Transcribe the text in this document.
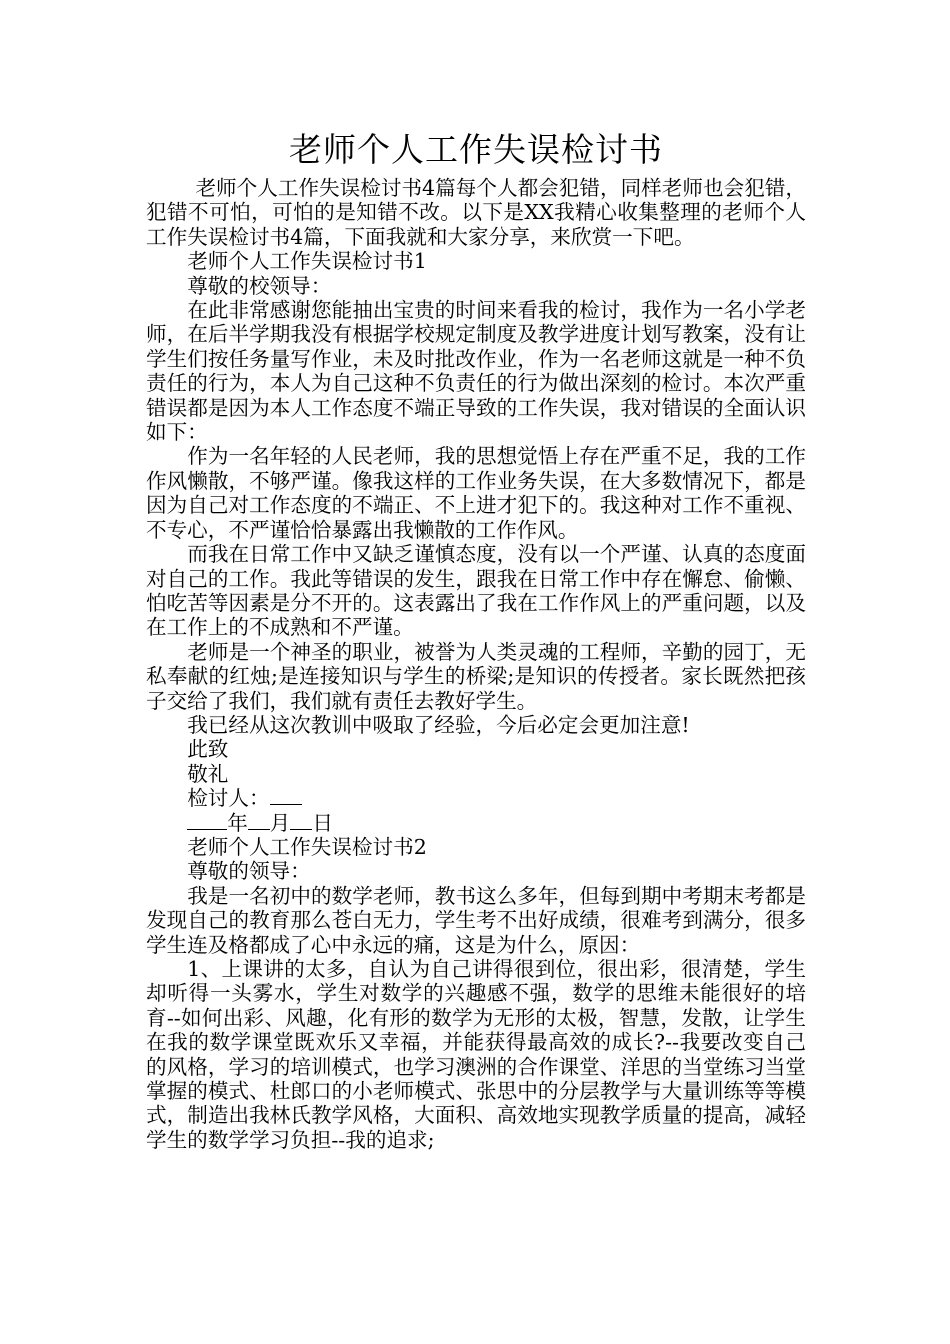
老师个人工作失误检讨书

老师个人工作失误检讨书4篇每个人都会犯错，同样老师也会犯错，犯错不可怕，可怕的是知错不改。以下是XX我精心收集整理的老师个人工作失误检讨书4篇，下面我就和大家分享，来欣赏一下吧。

老师个人工作失误检讨书1

尊敬的校领导：

在此非常感谢您能抽出宝贵的时间来看我的检讨，我作为一名小学老师，在后半学期我没有根据学校规定制度及教学进度计划写教案，没有让学生们按任务量写作业，未及时批改作业，作为一名老师这就是一种不负责任的行为，本人为自己这种不负责任的行为做出深刻的检讨。本次严重错误都是因为本人工作态度不端正导致的工作失误，我对错误的全面认识如下：

作为一名年轻的人民老师，我的思想觉悟上存在严重不足，我的工作作风懒散，不够严谨。像我这样的工作业务失误，在大多数情况下，都是因为自己对工作态度的不端正、不上进才犯下的。我这种对工作不重视、不专心，不严谨恰恰暴露出我懒散的工作作风。

而我在日常工作中又缺乏谨慎态度，没有以一个严谨、认真的态度面对自己的工作。我此等错误的发生，跟我在日常工作中存在懈怠、偷懒、怕吃苦等因素是分不开的。这表露出了我在工作作风上的严重问题，以及在工作上的不成熟和不严谨。

老师是一个神圣的职业，被誉为人类灵魂的工程师，辛勤的园丁，无私奉献的红烛;是连接知识与学生的桥梁;是知识的传授者。家长既然把孩子交给了我们，我们就有责任去教好学生。

我已经从这次教训中吸取了经验，今后必定会更加注意!

此致

敬礼

检讨人：

年 月 日

老师个人工作失误检讨书2

尊敬的领导：

我是一名初中的数学老师，教书这么多年，但每到期中考期末考都是发现自己的教育那么苍白无力，学生考不出好成绩，很难考到满分，很多学生连及格都成了心中永远的痛，这是为什么，原因：

1、上课讲的太多，自认为自己讲得很到位，很出彩，很清楚，学生却听得一头雾水，学生对数学的兴趣感不强，数学的思维未能很好的培育--如何出彩、风趣，化有形的数学为无形的太极，智慧，发散，让学生在我的数学课堂既欢乐又幸福，并能获得最高效的成长?--我要改变自己的风格，学习的培训模式，也学习澳洲的合作课堂、洋思的当堂练习当堂掌握的模式、杜郎口的小老师模式、张思中的分层教学与大量训练等等模式，制造出我林氏教学风格，大面积、高效地实现教学质量的提高，减轻学生的数学学习负担--我的追求;
